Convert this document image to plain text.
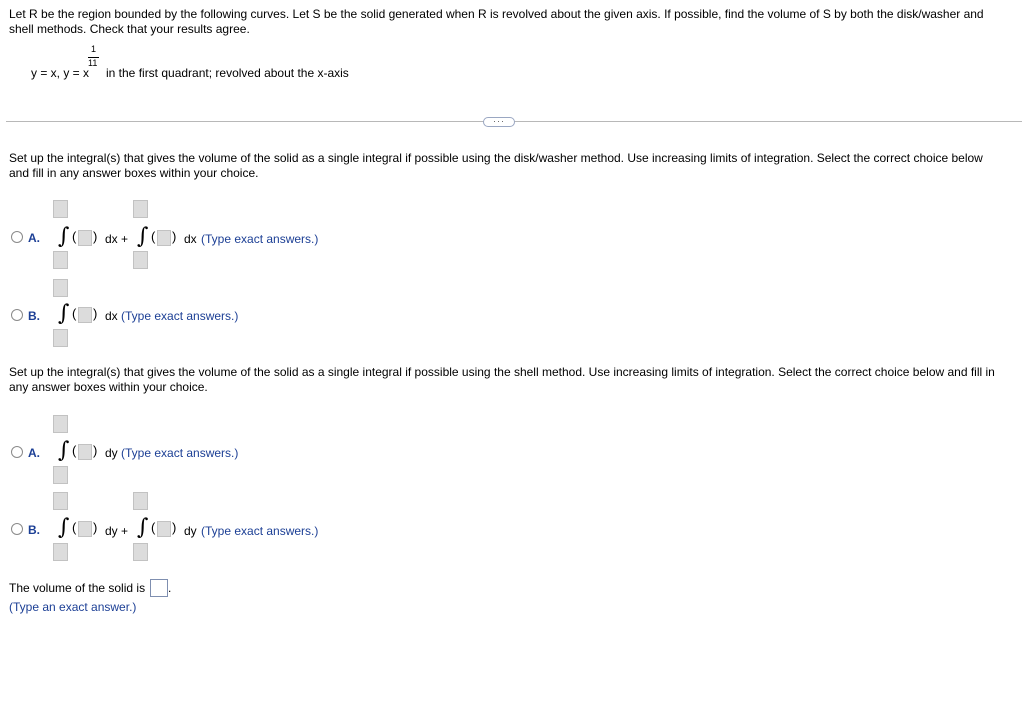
Let R be the region bounded by the following curves. Let S be the solid generated when R is revolved about the given axis. If possible, find the volume of S by both the disk/washer and
shell methods. Check that your results agree.
1
11
y = x, y = x in the first quadrant; revolved about the x-axis
···
Set up the integral(s) that gives the volume of the solid as a single integral if possible using the disk/washer method. Use increasing limits of integration. Select the correct choice below
and fill in any answer boxes within your choice.
A. ∫ ( ) dx + ∫ ( ) dx (Type exact answers.)
B. ∫ ( ) dx (Type exact answers.)
Set up the integral(s) that gives the volume of the solid as a single integral if possible using the shell method. Use increasing limits of integration. Select the correct choice below and fill in
any answer boxes within your choice.
A. ∫ ( ) dy (Type exact answers.)
B. ∫ ( ) dy + ∫ ( ) dy (Type exact answers.)
The volume of the solid is .
(Type an exact answer.)
